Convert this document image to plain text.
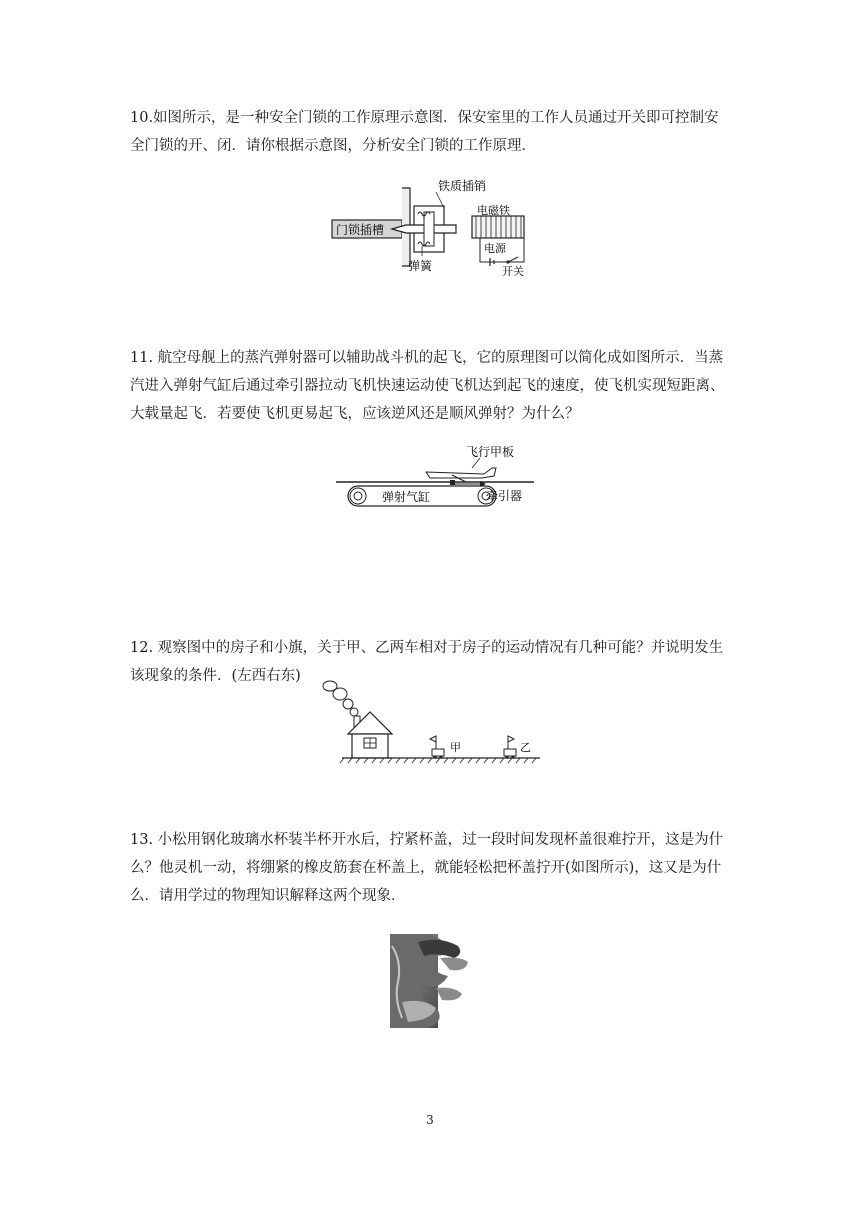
10.如图所示，是一种安全门锁的工作原理示意图．保安室里的工作人员通过开关即可控制安全门锁的开、闭．请你根据示意图，分析安全门锁的工作原理．

门锁插槽
铁质插销
弹簧
电磁铁
电源
开关

11. 航空母舰上的蒸汽弹射器可以辅助战斗机的起飞，它的原理图可以简化成如图所示．当蒸汽进入弹射气缸后通过牵引器拉动飞机快速运动使飞机达到起飞的速度，使飞机实现短距离、大载量起飞．若要使飞机更易起飞，应该逆风还是顺风弹射？为什么？

飞行甲板
弹射气缸	牵引器

12. 观察图中的房子和小旗，关于甲、乙两车相对于房子的运动情况有几种可能？并说明发生该现象的条件．(左西右东)

甲	乙

13. 小松用钢化玻璃水杯装半杯开水后，拧紧杯盖，过一段时间发现杯盖很难拧开，这是为什么？他灵机一动，将绷紧的橡皮筋套在杯盖上，就能轻松把杯盖拧开(如图所示)，这又是为什么．请用学过的物理知识解释这两个现象．

3
